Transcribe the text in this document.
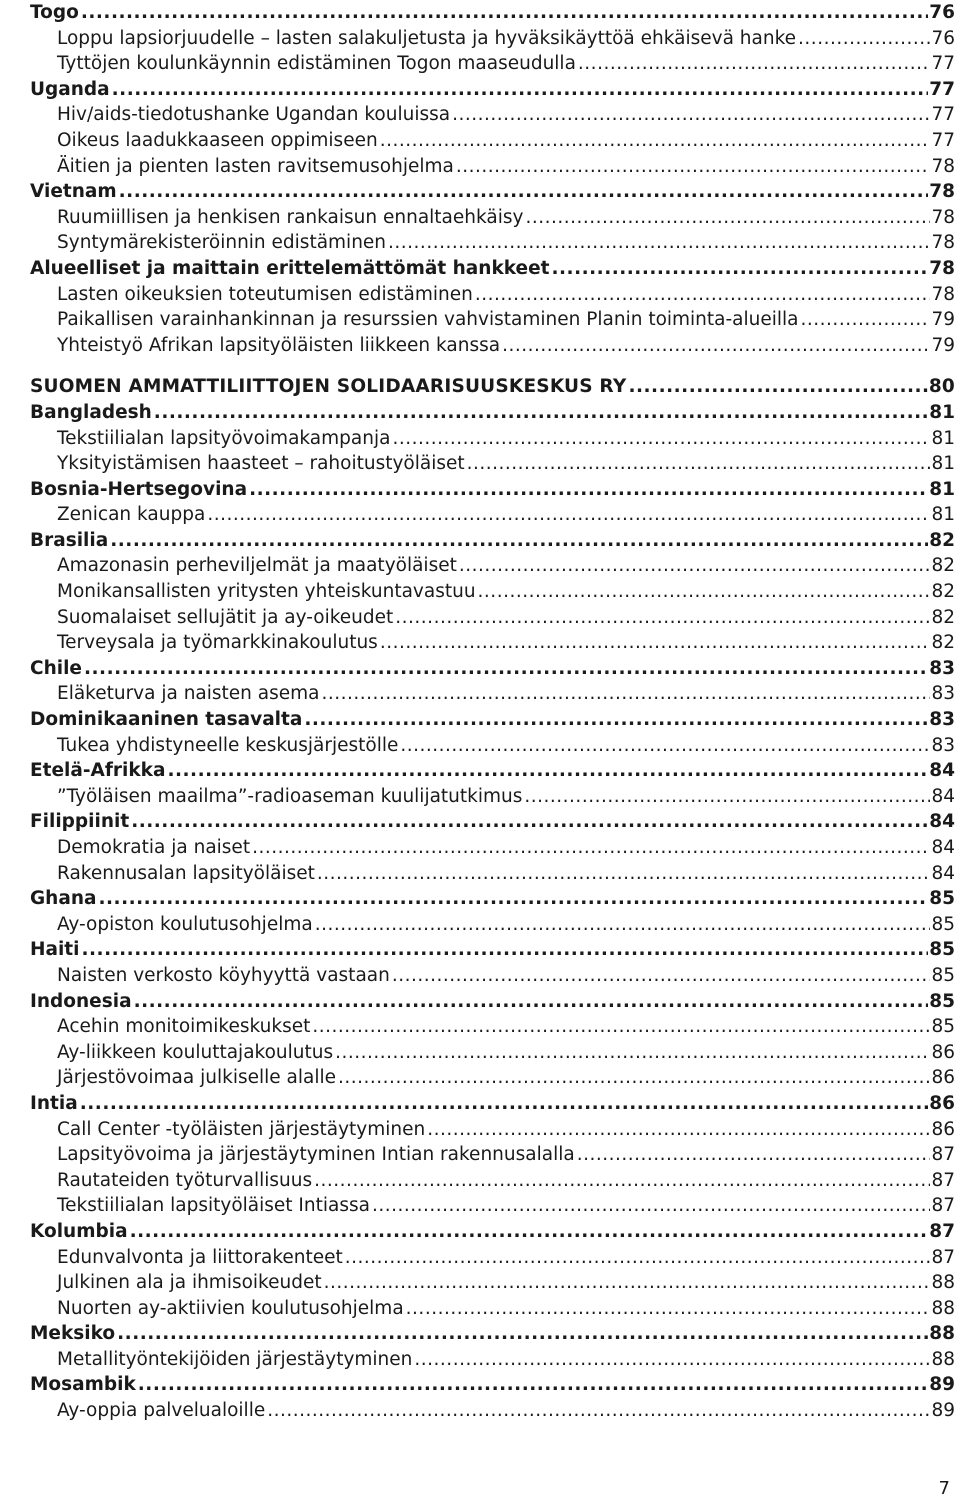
Togo .....	76
Loppu lapsiorjuudelle – lasten salakuljetusta ja hyväksikäyttöä ehkäisevä hanke .....	76
Tyttöjen koulunkäynnin edistäminen Togon maaseudulla .....	77
Uganda .....	77
Hiv/aids-tiedotushanke Ugandan kouluissa .....	77
Oikeus laadukkaaseen oppimiseen .....	77
Äitien ja pienten lasten ravitsemusohjelma .....	78
Vietnam .....	78
Ruumiillisen ja henkisen rankaisun ennaltaehkäisy .....	78
Syntymärekisteröinnin edistäminen .....	78
Alueelliset ja maittain erittelemättömät hankkeet .....	78
Lasten oikeuksien toteutumisen edistäminen .....	78
Paikallisen varainhankinnan ja resurssien vahvistaminen Planin toiminta-alueilla .....	79
Yhteistyö Afrikan lapsityöläisten liikkeen kanssa .....	79
SUOMEN AMMATTILIITTOJEN SOLIDAARISUUSKESKUS RY .....	80
Bangladesh .....	81
Tekstiilialan lapsityövoimakampanja .....	81
Yksityistämisen haasteet – rahoitustyöläiset .....	81
Bosnia-Hertsegovina .....	81
Zenican kauppa .....	81
Brasilia .....	82
Amazonasin perheviljelmät ja maatyöläiset .....	82
Monikansallisten yritysten yhteiskuntavastuu .....	82
Suomalaiset sellujätit ja ay-oikeudet .....	82
Terveysala ja työmarkkinakoulutus .....	82
Chile .....	83
Eläketurva ja naisten asema .....	83
Dominikaaninen tasavalta .....	83
Tukea yhdistyneelle keskusjärjestölle .....	83
Etelä-Afrikka .....	84
”Työläisen maailma”-radioaseman kuulijatutkimus .....	84
Filippiinit .....	84
Demokratia ja naiset .....	84
Rakennusalan lapsityöläiset .....	84
Ghana .....	85
Ay-opiston koulutusohjelma .....	85
Haiti .....	85
Naisten verkosto köyhyyttä vastaan .....	85
Indonesia .....	85
Acehin monitoimikeskukset .....	85
Ay-liikkeen kouluttajakoulutus .....	86
Järjestövoimaa julkiselle alalle .....	86
Intia .....	86
Call Center -työläisten järjestäytyminen .....	86
Lapsityövoima ja järjestäytyminen Intian rakennusalalla .....	87
Rautateiden työturvallisuus .....	87
Tekstiilialan lapsityöläiset Intiassa .....	87
Kolumbia .....	87
Edunvalvonta ja liittorakenteet .....	87
Julkinen ala ja ihmisoikeudet .....	88
Nuorten ay-aktiivien koulutusohjelma .....	88
Meksiko .....	88
Metallityöntekijöiden järjestäytyminen .....	88
Mosambik .....	89
Ay-oppia palvelualoille .....	89
7
